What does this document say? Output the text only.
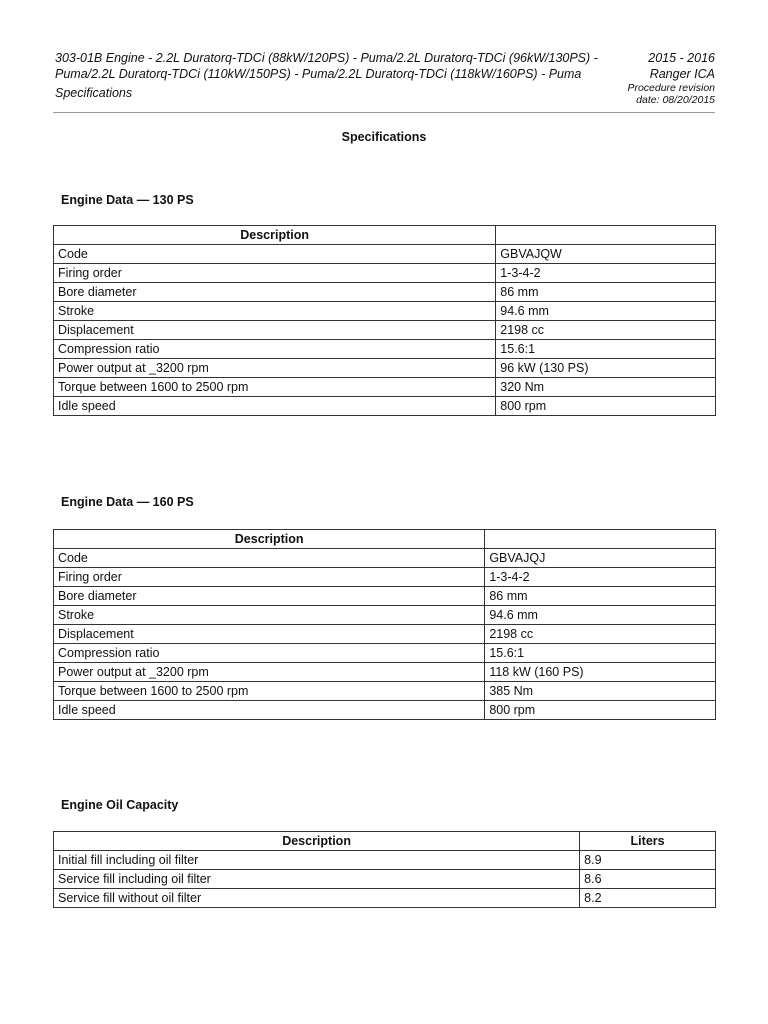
303-01B Engine - 2.2L Duratorq-TDCi (88kW/120PS) - Puma/2.2L Duratorq-TDCi (96kW/130PS) -
Puma/2.2L Duratorq-TDCi (110kW/150PS) - Puma/2.2L Duratorq-TDCi (118kW/160PS) - Puma
Specifications
2015 - 2016
Ranger ICA
Procedure revision
date: 08/20/2015
Specifications
Engine Data — 130 PS
Description	
Code	GBVAJQW
Firing order	1-3-4-2
Bore diameter	86 mm
Stroke	94.6 mm
Displacement	2198 cc
Compression ratio	15.6:1
Power output at _3200 rpm	96 kW (130 PS)
Torque between 1600 to 2500 rpm	320 Nm
Idle speed	800 rpm
Engine Data — 160 PS
Description	
Code	GBVAJQJ
Firing order	1-3-4-2
Bore diameter	86 mm
Stroke	94.6 mm
Displacement	2198 cc
Compression ratio	15.6:1
Power output at _3200 rpm	118 kW (160 PS)
Torque between 1600 to 2500 rpm	385 Nm
Idle speed	800 rpm
Engine Oil Capacity
Description	Liters
Initial fill including oil filter	8.9
Service fill including oil filter	8.6
Service fill without oil filter	8.2
